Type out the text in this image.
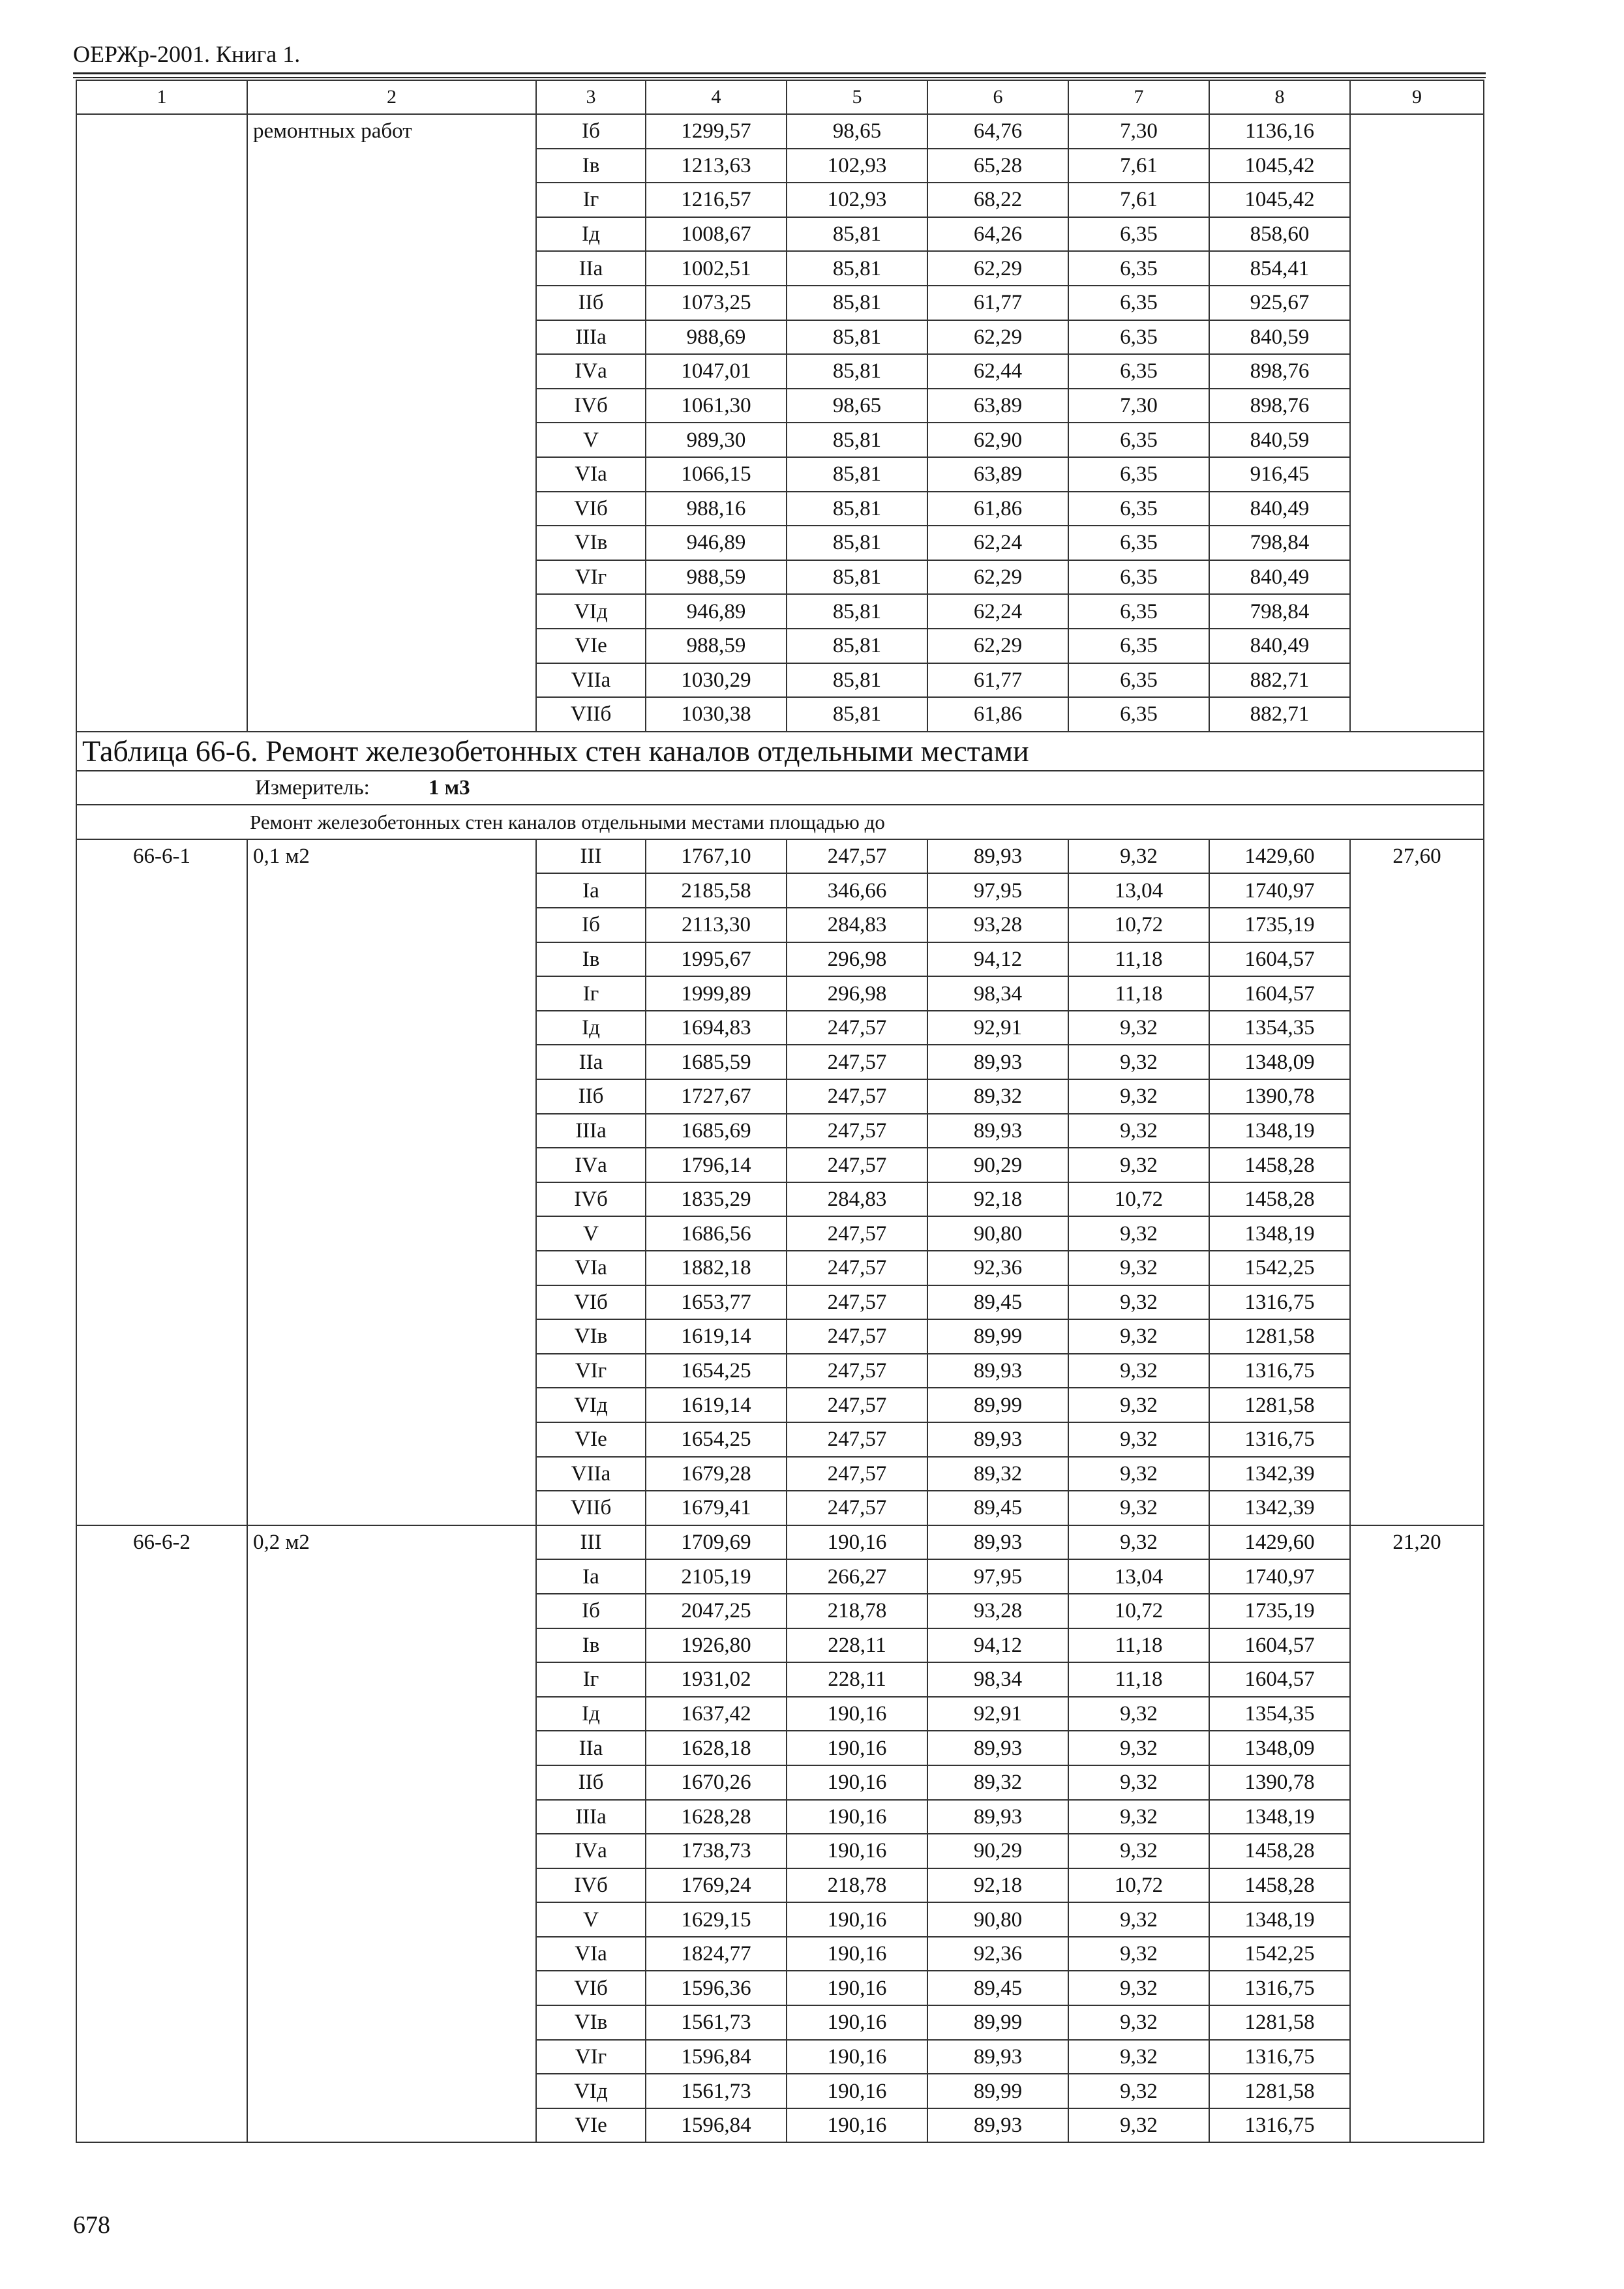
ОЕРЖр-2001. Книга 1.
1	2	3	4	5	6	7	8	9
	ремонтных работ	Iб	1299,57	98,65	64,76	7,30	1136,16	
		Iв	1213,63	102,93	65,28	7,61	1045,42	
		Iг	1216,57	102,93	68,22	7,61	1045,42	
		Iд	1008,67	85,81	64,26	6,35	858,60	
		IIа	1002,51	85,81	62,29	6,35	854,41	
		IIб	1073,25	85,81	61,77	6,35	925,67	
		IIIа	988,69	85,81	62,29	6,35	840,59	
		IVа	1047,01	85,81	62,44	6,35	898,76	
		IVб	1061,30	98,65	63,89	7,30	898,76	
		V	989,30	85,81	62,90	6,35	840,59	
		VIа	1066,15	85,81	63,89	6,35	916,45	
		VIб	988,16	85,81	61,86	6,35	840,49	
		VIв	946,89	85,81	62,24	6,35	798,84	
		VIг	988,59	85,81	62,29	6,35	840,49	
		VIд	946,89	85,81	62,24	6,35	798,84	
		VIе	988,59	85,81	62,29	6,35	840,49	
		VIIа	1030,29	85,81	61,77	6,35	882,71	
		VIIб	1030,38	85,81	61,86	6,35	882,71	
Таблица 66-6. Ремонт железобетонных стен каналов отдельными местами								
Измеритель: 1 м3								
Ремонт железобетонных стен каналов отдельными местами площадью до								
66-6-1	0,1 м2	III	1767,10	247,57	89,93	9,32	1429,60	27,60
		Iа	2185,58	346,66	97,95	13,04	1740,97	
		Iб	2113,30	284,83	93,28	10,72	1735,19	
		Iв	1995,67	296,98	94,12	11,18	1604,57	
		Iг	1999,89	296,98	98,34	11,18	1604,57	
		Iд	1694,83	247,57	92,91	9,32	1354,35	
		IIа	1685,59	247,57	89,93	9,32	1348,09	
		IIб	1727,67	247,57	89,32	9,32	1390,78	
		IIIа	1685,69	247,57	89,93	9,32	1348,19	
		IVа	1796,14	247,57	90,29	9,32	1458,28	
		IVб	1835,29	284,83	92,18	10,72	1458,28	
		V	1686,56	247,57	90,80	9,32	1348,19	
		VIа	1882,18	247,57	92,36	9,32	1542,25	
		VIб	1653,77	247,57	89,45	9,32	1316,75	
		VIв	1619,14	247,57	89,99	9,32	1281,58	
		VIг	1654,25	247,57	89,93	9,32	1316,75	
		VIд	1619,14	247,57	89,99	9,32	1281,58	
		VIе	1654,25	247,57	89,93	9,32	1316,75	
		VIIа	1679,28	247,57	89,32	9,32	1342,39	
		VIIб	1679,41	247,57	89,45	9,32	1342,39	
66-6-2	0,2 м2	III	1709,69	190,16	89,93	9,32	1429,60	21,20
		Iа	2105,19	266,27	97,95	13,04	1740,97	
		Iб	2047,25	218,78	93,28	10,72	1735,19	
		Iв	1926,80	228,11	94,12	11,18	1604,57	
		Iг	1931,02	228,11	98,34	11,18	1604,57	
		Iд	1637,42	190,16	92,91	9,32	1354,35	
		IIа	1628,18	190,16	89,93	9,32	1348,09	
		IIб	1670,26	190,16	89,32	9,32	1390,78	
		IIIа	1628,28	190,16	89,93	9,32	1348,19	
		IVа	1738,73	190,16	90,29	9,32	1458,28	
		IVб	1769,24	218,78	92,18	10,72	1458,28	
		V	1629,15	190,16	90,80	9,32	1348,19	
		VIа	1824,77	190,16	92,36	9,32	1542,25	
		VIб	1596,36	190,16	89,45	9,32	1316,75	
		VIв	1561,73	190,16	89,99	9,32	1281,58	
		VIг	1596,84	190,16	89,93	9,32	1316,75	
		VIд	1561,73	190,16	89,99	9,32	1281,58	
		VIе	1596,84	190,16	89,93	9,32	1316,75	
678
